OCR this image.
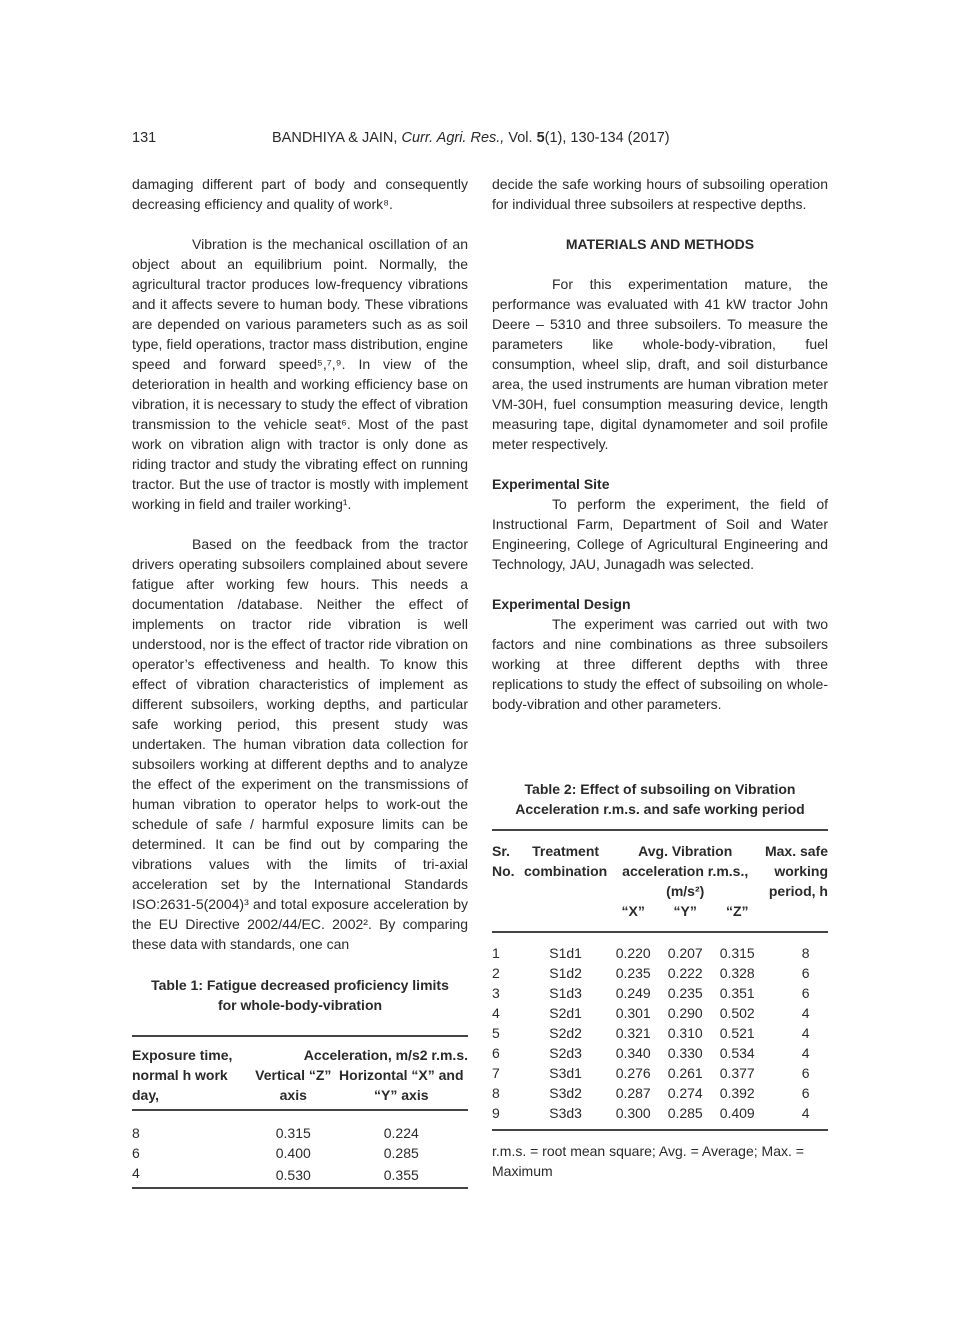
131	BANDHIYA & JAIN, Curr. Agri. Res., Vol. 5(1), 130-134 (2017)

damaging different part of body and consequently decreasing efficiency and quality of work⁸.

Vibration is the mechanical oscillation of an object about an equilibrium point. Normally, the agricultural tractor produces low-frequency vibrations and it affects severe to human body. These vibrations are depended on various parameters such as as soil type, field operations, tractor mass distribution, engine speed and forward speed⁵,⁷,⁹. In view of the deterioration in health and working efficiency base on vibration, it is necessary to study the effect of vibration transmission to the vehicle seat⁶. Most of the past work on vibration align with tractor is only done as riding tractor and study the vibrating effect on running tractor. But the use of tractor is mostly with implement working in field and trailer working¹.

Based on the feedback from the tractor drivers operating subsoilers complained about severe fatigue after working few hours. This needs a documentation /database. Neither the effect of implements on tractor ride vibration is well understood, nor is the effect of tractor ride vibration on operator’s effectiveness and health. To know this effect of vibration characteristics of implement as different subsoilers, working depths, and particular safe working period, this present study was undertaken. The human vibration data collection for subsoilers working at different depths and to analyze the effect of the experiment on the transmissions of human vibration to operator helps to work-out the schedule of safe / harmful exposure limits can be determined. It can be find out by comparing the vibrations values with the limits of tri-axial acceleration set by the International Standards ISO:2631-5(2004)³ and total exposure acceleration by the EU Directive 2002/44/EC. 2002². By comparing these data with standards, one can

Table 1: Fatigue decreased proficiency limits for whole-body-vibration
Exposure time, normal h work day,	Acceleration, m/s2 r.m.s.	
	Vertical “Z” axis	Horizontal “X” and “Y” axis

8	0.315	0.224
6	0.400	0.285
4	0.530	0.355

decide the safe working hours of subsoiling operation for individual three subsoilers at respective depths.

MATERIALS AND METHODS

For this experimentation mature, the performance was evaluated with 41 kW tractor John Deere – 5310 and three subsoilers. To measure the parameters like whole-body-vibration, fuel consumption, wheel slip, draft, and soil disturbance area, the used instruments are human vibration meter VM-30H, fuel consumption measuring device, length measuring tape, digital dynamometer and soil profile meter respectively.

Experimental Site

To perform the experiment, the field of Instructional Farm, Department of Soil and Water Engineering, College of Agricultural Engineering and Technology, JAU, Junagadh was selected.

Experimental Design

The experiment was carried out with two factors and nine combinations as three subsoilers working at three different depths with three replications to study the effect of subsoiling on whole-body-vibration and other parameters.

Table 2: Effect of subsoiling on Vibration
Acceleration r.m.s. and safe working period
Sr. No.	Treatment combination	Avg. Vibration acceleration r.m.s.,(m/s²)			Max. safe working period, h
		“X”	“Y”	“Z”	

1	S1d1	0.220	0.207	0.315	8
2	S1d2	0.235	0.222	0.328	6
3	S1d3	0.249	0.235	0.351	6
4	S2d1	0.301	0.290	0.502	4
5	S2d2	0.321	0.310	0.521	4
6	S2d3	0.340	0.330	0.534	4
7	S3d1	0.276	0.261	0.377	6
8	S3d2	0.287	0.274	0.392	6
9	S3d3	0.300	0.285	0.409	4
r.m.s. = root mean square; Avg. = Average; Max. = Maximum
